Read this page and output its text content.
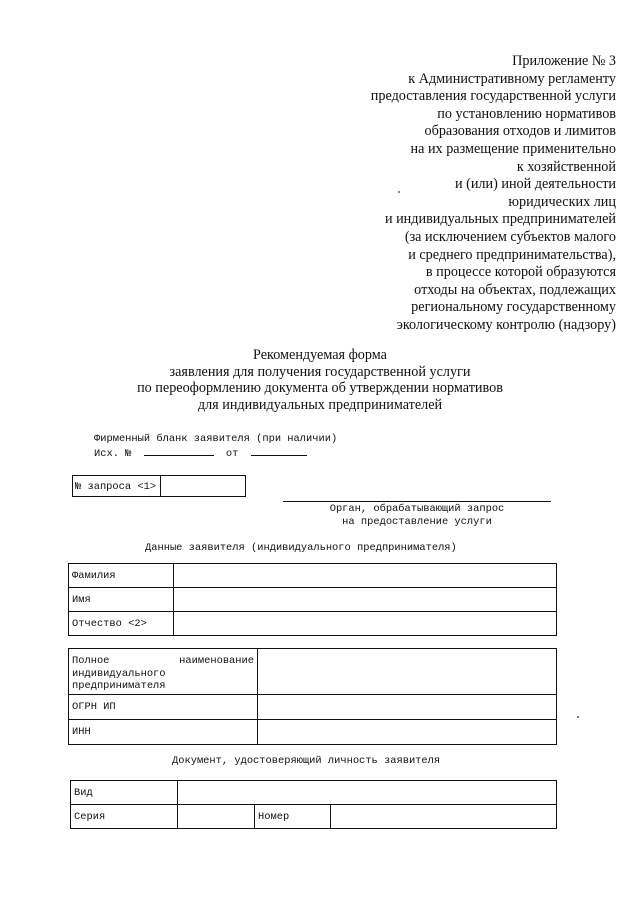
Приложение № 3
к Административному регламенту
предоставления государственной услуги
по установлению нормативов
образования отходов и лимитов
на их размещение применительно
к хозяйственной
и (или) иной деятельности
юридических лиц
и индивидуальных предпринимателей
(за исключением субъектов малого
и среднего предпринимательства),
в процессе которой образуются
отходы на объектах, подлежащих
региональному государственному
экологическому контролю (надзору)
Рекомендуемая форма
заявления для получения государственной услуги
по переоформлению документа об утверждении нормативов
для индивидуальных предпринимателей
Фирменный бланк заявителя (при наличии)
Исх. №	от
№ запроса <1>
Орган, обрабатывающий запрос
на предоставление услуги
Данные заявителя (индивидуального предпринимателя)
Фамилия	
Имя	
Отчество <2>	
Полное наименование
индивидуального
предпринимателя	

ОГРН ИП	
ИНН	
Документ, удостоверяющий личность заявителя
Вид			
Серия		Номер	
